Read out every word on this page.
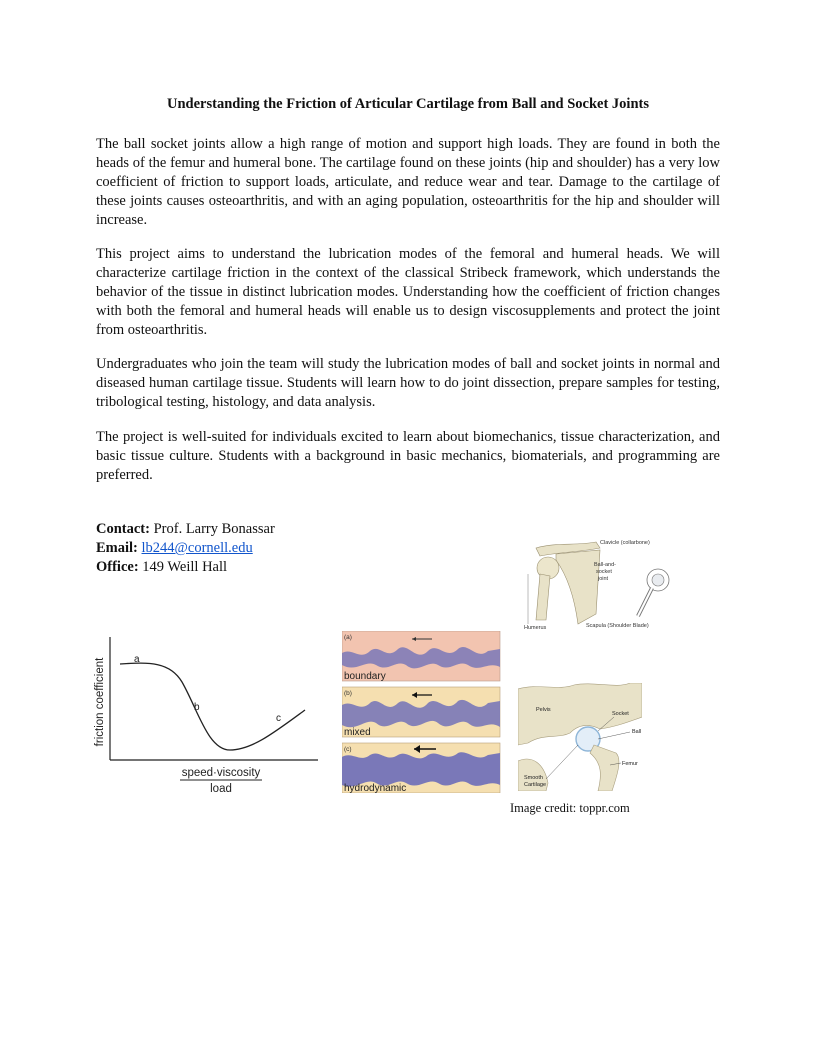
Understanding the Friction of Articular Cartilage from Ball and Socket Joints

The ball socket joints allow a high range of motion and support high loads. They are found in both the heads of the femur and humeral bone. The cartilage found on these joints (hip and shoulder) has a very low coefficient of friction to support loads, articulate, and reduce wear and tear. Damage to the cartilage of these joints causes osteoarthritis, and with an aging population, osteoarthritis for the hip and shoulder will increase.

This project aims to understand the lubrication modes of the femoral and humeral heads. We will characterize cartilage friction in the context of the classical Stribeck framework, which understands the behavior of the tissue in distinct lubrication modes. Understanding how the coefficient of friction changes with both the femoral and humeral heads will enable us to design viscosupplements and protect the joint from osteoarthritis.

Undergraduates who join the team will study the lubrication modes of ball and socket joints in normal and diseased human cartilage tissue. Students will learn how to do joint dissection, prepare samples for testing, tribological testing, histology, and data analysis.

The project is well-suited for individuals excited to learn about biomechanics, tissue characterization, and basic tissue culture. Students with a background in basic mechanics, biomaterials, and programming are preferred.

Contact: Prof. Larry Bonassar
Email: lb244@cornell.edu
Office: 149 Weill Hall
friction coefficient	a
b
c
speed·viscosity
load
(a)
boundary
(b)
mixed
(c)
hydrodynamic
Clavicle (collarbone)
Ball-and-
socket
joint
Humerus	Scapula (Shoulder Blade)
Pelvis
Socket
Ball
Femur
Smooth
Cartilage
Image credit: toppr.com
